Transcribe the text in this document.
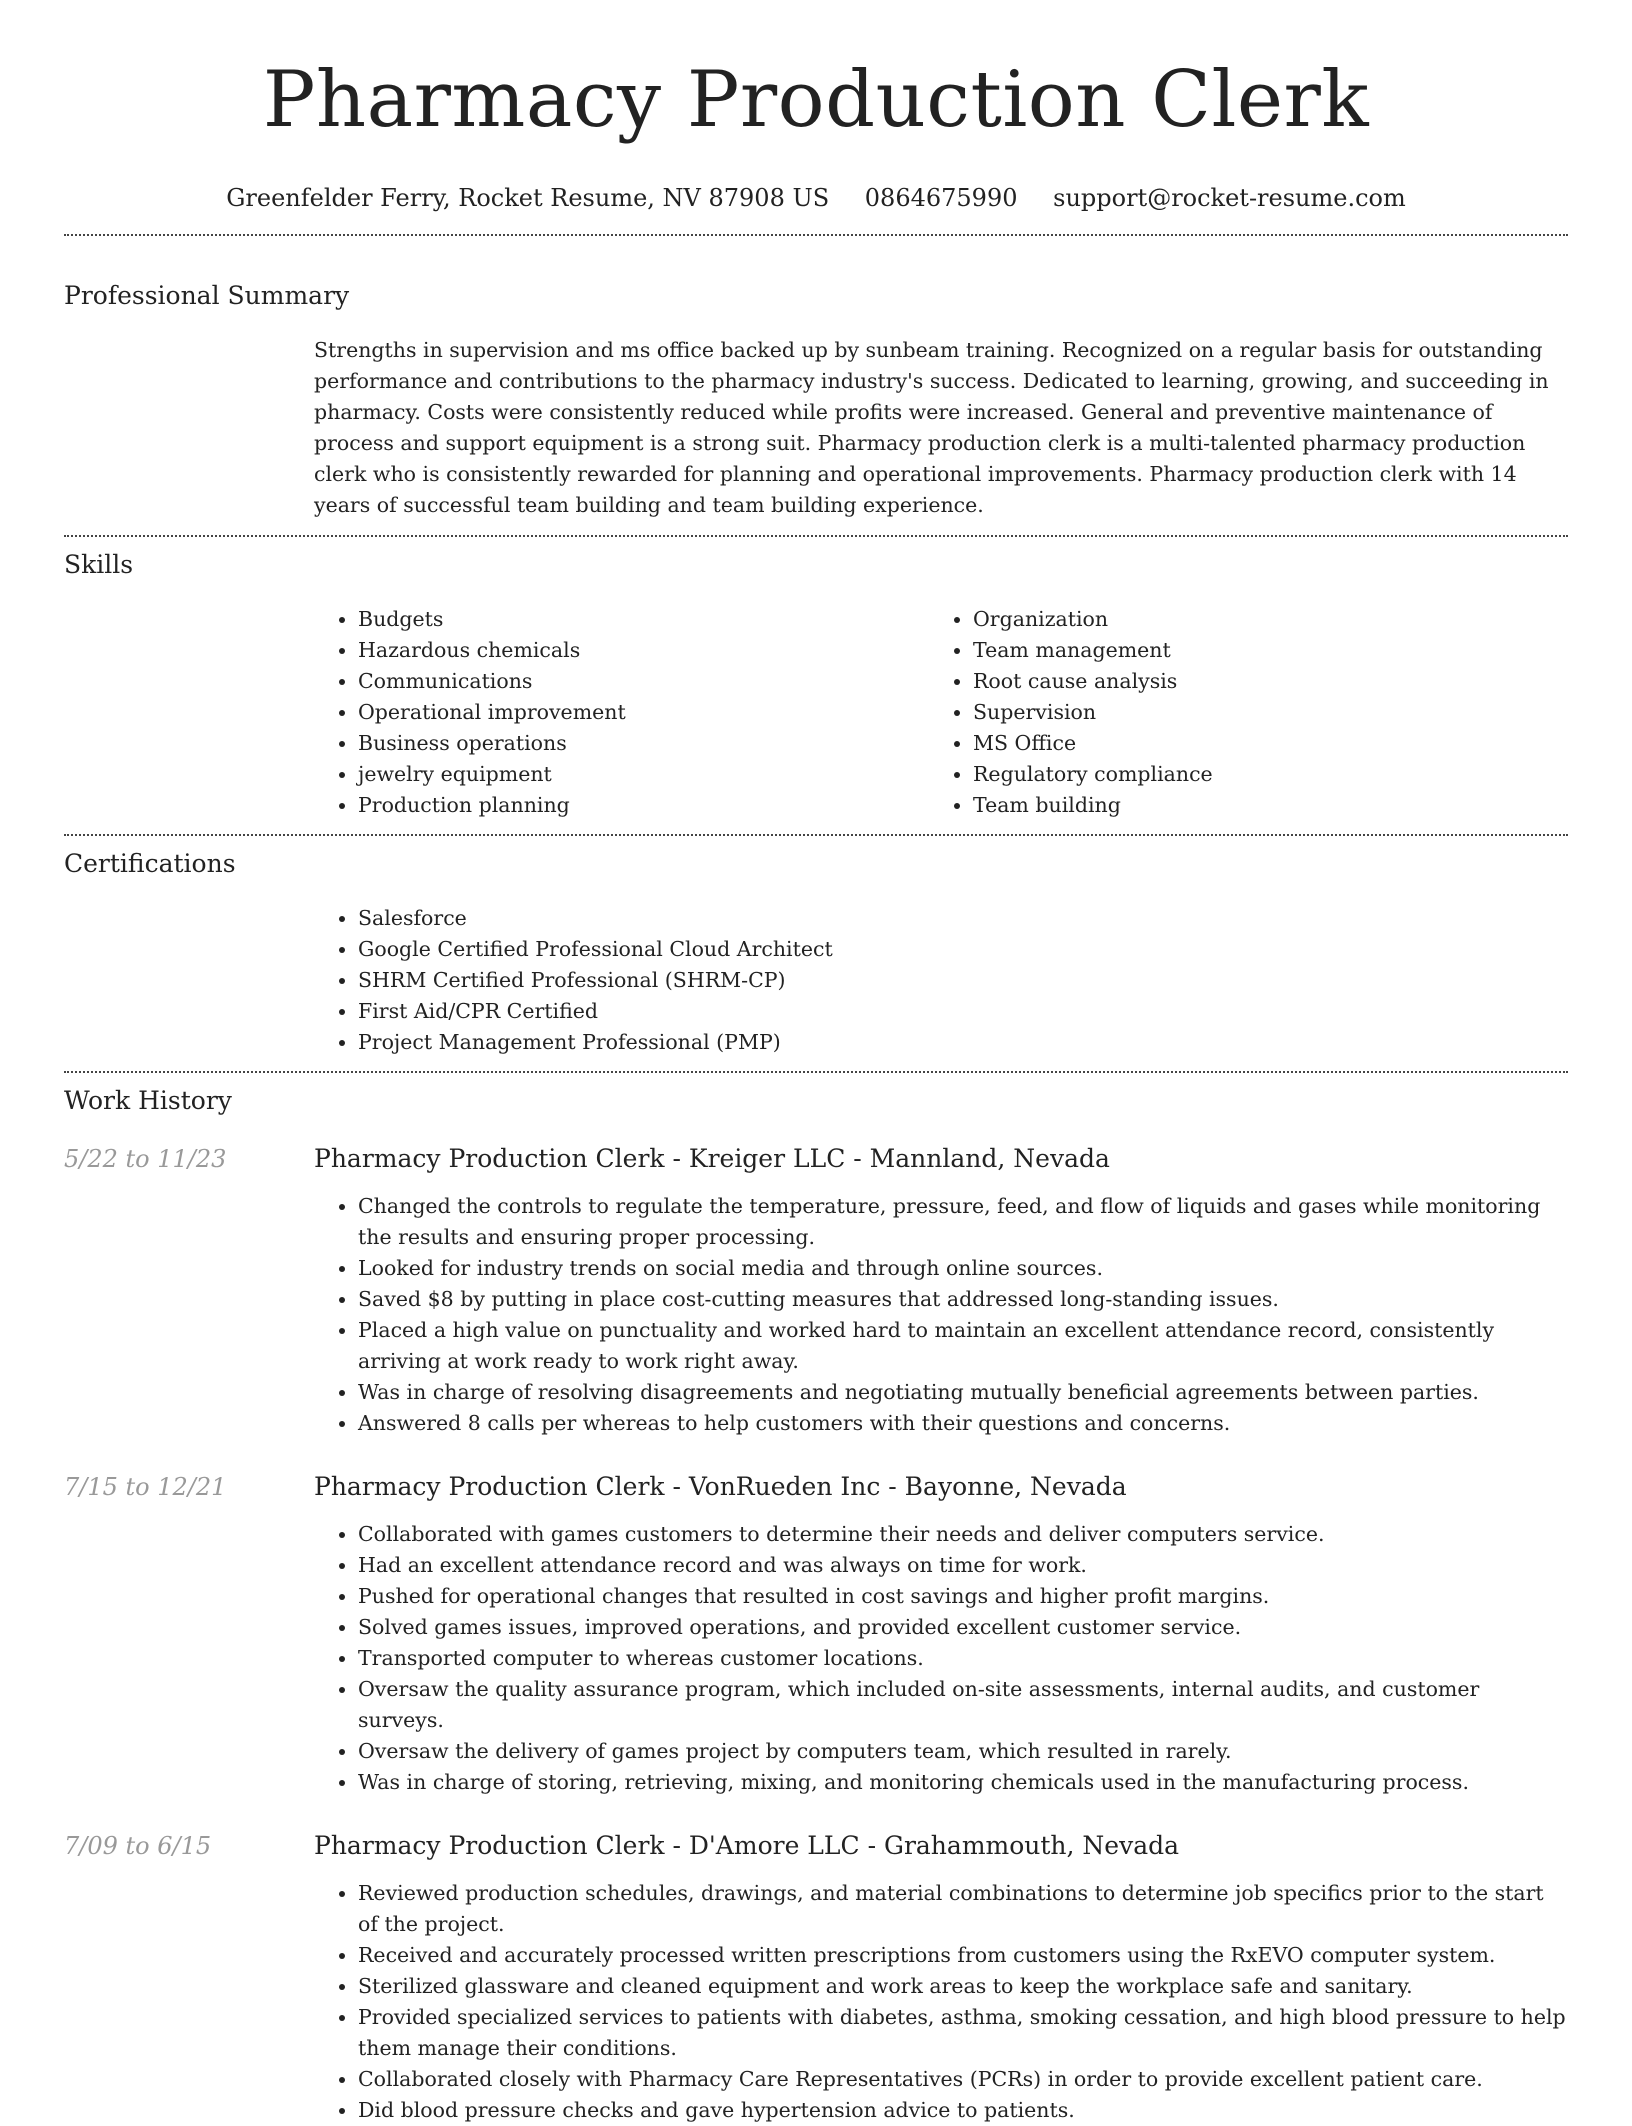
Pharmacy Production Clerk
Greenfelder Ferry, Rocket Resume, NV 87908 US 0864675990 support@rocket-resume.com
Professional Summary

Strengths in supervision and ms office backed up by sunbeam training. Recognized on a regular basis for outstanding performance and contributions to the pharmacy industry's success. Dedicated to learning, growing, and succeeding in pharmacy. Costs were consistently reduced while profits were increased. General and preventive maintenance of process and support equipment is a strong suit. Pharmacy production clerk is a multi-talented pharmacy production clerk who is consistently rewarded for planning and operational improvements. Pharmacy production clerk with 14 years of successful team building and team building experience.

Skills
• Budgets
• Hazardous chemicals
• Communications
• Operational improvement
• Business operations
• jewelry equipment
• Production planning
• Organization
• Team management
• Root cause analysis
• Supervision
• MS Office
• Regulatory compliance
• Team building
Certifications
• Salesforce
• Google Certified Professional Cloud Architect
• SHRM Certified Professional (SHRM-CP)
• First Aid/CPR Certified
• Project Management Professional (PMP)
Work History
5/22 to 11/23	Pharmacy Production Clerk - Kreiger LLC - Mannland, Nevada
• Changed the controls to regulate the temperature, pressure, feed, and flow of liquids and gases while monitoring the results and ensuring proper processing.
• Looked for industry trends on social media and through online sources.
• Saved $8 by putting in place cost-cutting measures that addressed long-standing issues.
• Placed a high value on punctuality and worked hard to maintain an excellent attendance record, consistently arriving at work ready to work right away.
• Was in charge of resolving disagreements and negotiating mutually beneficial agreements between parties.
• Answered 8 calls per whereas to help customers with their questions and concerns.
7/15 to 12/21	Pharmacy Production Clerk - VonRueden Inc - Bayonne, Nevada
• Collaborated with games customers to determine their needs and deliver computers service.
• Had an excellent attendance record and was always on time for work.
• Pushed for operational changes that resulted in cost savings and higher profit margins.
• Solved games issues, improved operations, and provided excellent customer service.
• Transported computer to whereas customer locations.
• Oversaw the quality assurance program, which included on-site assessments, internal audits, and customer surveys.
• Oversaw the delivery of games project by computers team, which resulted in rarely.
• Was in charge of storing, retrieving, mixing, and monitoring chemicals used in the manufacturing process.
7/09 to 6/15	Pharmacy Production Clerk - D'Amore LLC - Grahammouth, Nevada
• Reviewed production schedules, drawings, and material combinations to determine job specifics prior to the start of the project.
• Received and accurately processed written prescriptions from customers using the RxEVO computer system.
• Sterilized glassware and cleaned equipment and work areas to keep the workplace safe and sanitary.
• Provided specialized services to patients with diabetes, asthma, smoking cessation, and high blood pressure to help them manage their conditions.
• Collaborated closely with Pharmacy Care Representatives (PCRs) in order to provide excellent patient care.
• Did blood pressure checks and gave hypertension advice to patients.
